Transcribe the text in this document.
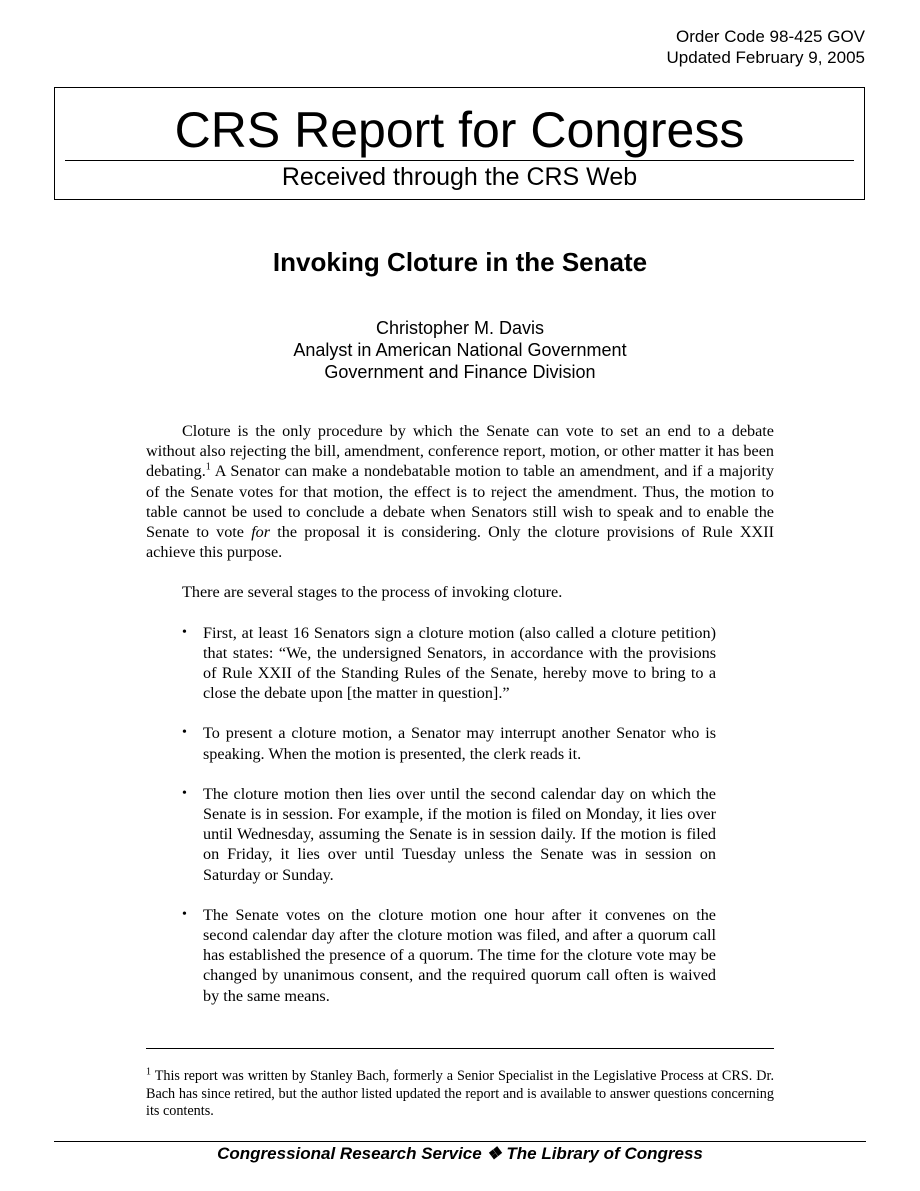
Order Code 98-425 GOV
Updated February 9, 2005
CRS Report for Congress
Received through the CRS Web
Invoking Cloture in the Senate
Christopher M. Davis
Analyst in American National Government
Government and Finance Division

Cloture is the only procedure by which the Senate can vote to set an end to a debate without also rejecting the bill, amendment, conference report, motion, or other matter it has been debating.$^1$ A Senator can make a nondebatable motion to table an amendment, and if a majority of the Senate votes for that motion, the effect is to reject the amendment. Thus, the motion to table cannot be used to conclude a debate when Senators still wish to speak and to enable the Senate to vote for the proposal it is considering. Only the cloture provisions of Rule XXII achieve this purpose.

There are several stages to the process of invoking cloture.

• First, at least 16 Senators sign a cloture motion (also called a cloture petition) that states: “We, the undersigned Senators, in accordance with the provisions of Rule XXII of the Standing Rules of the Senate, hereby move to bring to a close the debate upon [the matter in question].”
• To present a cloture motion, a Senator may interrupt another Senator who is speaking. When the motion is presented, the clerk reads it.
• The cloture motion then lies over until the second calendar day on which the Senate is in session. For example, if the motion is filed on Monday, it lies over until Wednesday, assuming the Senate is in session daily. If the motion is filed on Friday, it lies over until Tuesday unless the Senate was in session on Saturday or Sunday.
• The Senate votes on the cloture motion one hour after it convenes on the second calendar day after the cloture motion was filed, and after a quorum call has established the presence of a quorum. The time for the cloture vote may be changed by unanimous consent, and the required quorum call often is waived by the same means.
$^1$ This report was written by Stanley Bach, formerly a Senior Specialist in the Legislative Process at CRS. Dr. Bach has since retired, but the author listed updated the report and is available to answer questions concerning its contents.
Congressional Research Service ❖ The Library of Congress
